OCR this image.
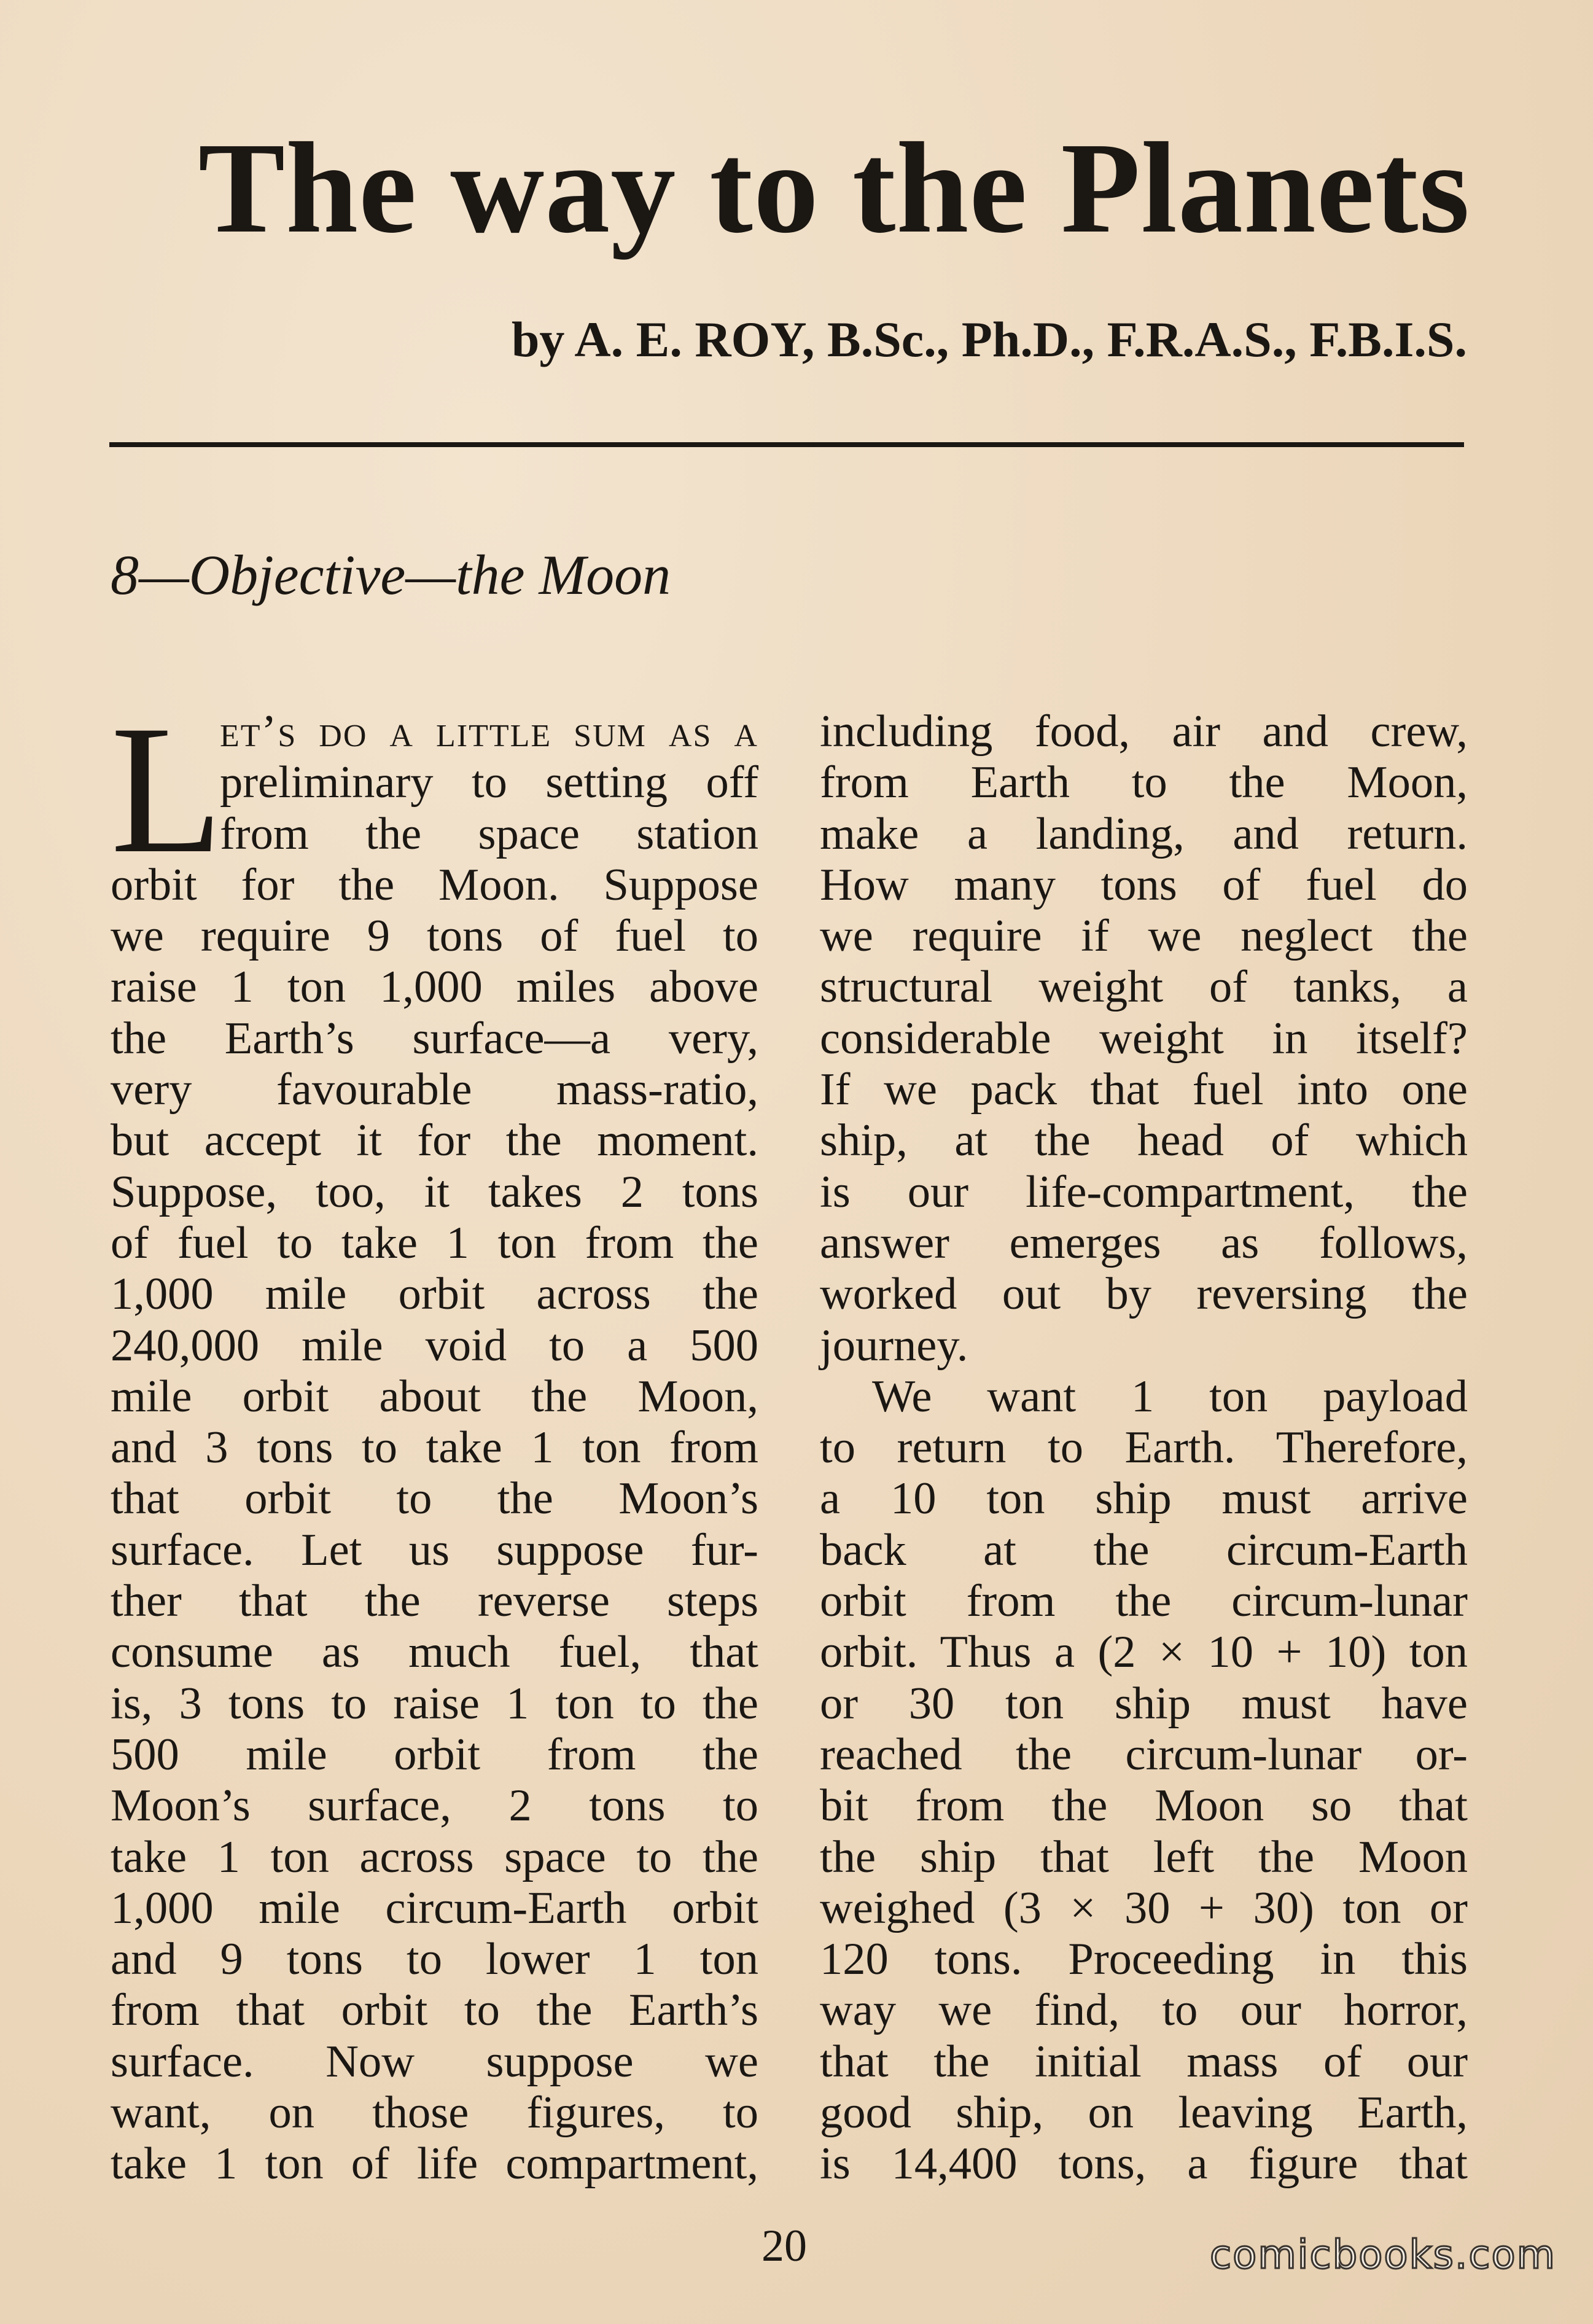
The way to the Planets
by A. E. ROY, B.Sc., Ph.D., F.R.A.S., F.B.I.S.
8—Objective—the Moon
L
et’s do a little sum as a
preliminary to setting off
from the space station
orbit for the Moon. Suppose
we require 9 tons of fuel to
raise 1 ton 1,000 miles above
the Earth’s surface—a very,
very favourable mass-ratio,
but accept it for the moment.
Suppose, too, it takes 2 tons
of fuel to take 1 ton from the
1,000 mile orbit across the
240,000 mile void to a 500
mile orbit about the Moon,
and 3 tons to take 1 ton from
that orbit to the Moon’s
surface. Let us suppose fur-
ther that the reverse steps
consume as much fuel, that
is, 3 tons to raise 1 ton to the
500 mile orbit from the
Moon’s surface, 2 tons to
take 1 ton across space to the
1,000 mile circum-Earth orbit
and 9 tons to lower 1 ton
from that orbit to the Earth’s
surface. Now suppose we
want, on those figures, to
take 1 ton of life compartment,
including food, air and crew,
from Earth to the Moon,
make a landing, and return.
How many tons of fuel do
we require if we neglect the
structural weight of tanks, a
considerable weight in itself?
If we pack that fuel into one
ship, at the head of which
is our life-compartment, the
answer emerges as follows,
worked out by reversing the
journey.
We want 1 ton payload
to return to Earth. Therefore,
a 10 ton ship must arrive
back at the circum-Earth
orbit from the circum-lunar
orbit. Thus a (2 × 10 + 10) ton
or 30 ton ship must have
reached the circum-lunar or-
bit from the Moon so that
the ship that left the Moon
weighed (3 × 30 + 30) ton or
120 tons. Proceeding in this
way we find, to our horror,
that the initial mass of our
good ship, on leaving Earth,
is 14,400 tons, a figure that
20	comicbooks.com
